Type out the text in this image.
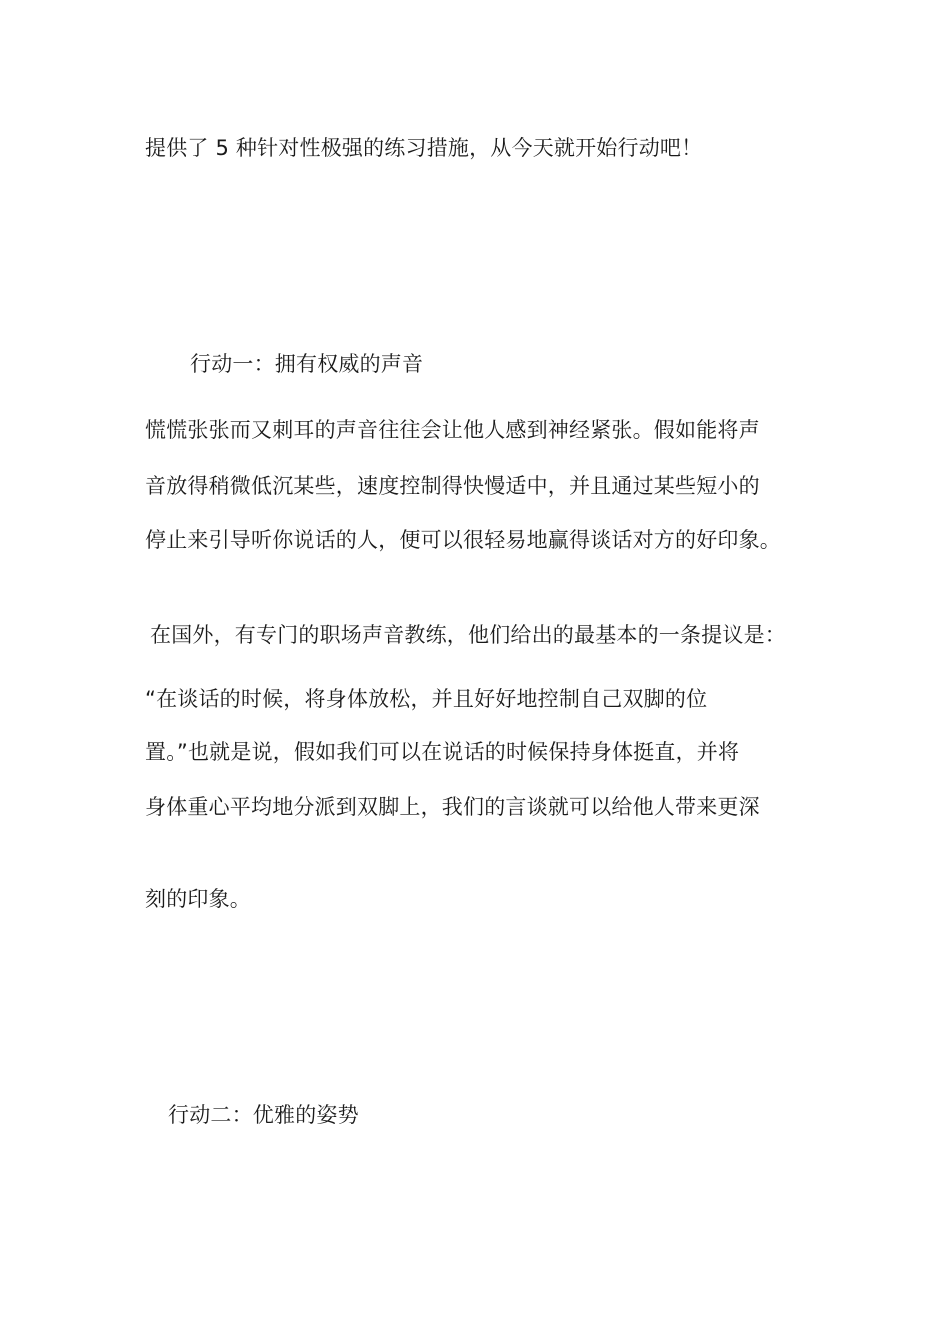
提供了 5 种针对性极强的练习措施，从今天就开始行动吧！
行动一：拥有权威的声音
慌慌张张而又刺耳的声音往往会让他人感到神经紧张。假如能将声
音放得稍微低沉某些，速度控制得快慢适中，并且通过某些短小的
停止来引导听你说话的人，便可以很轻易地赢得谈话对方的好印象。
在国外，有专门的职场声音教练，他们给出的最基本的一条提议是：
“在谈话的时候，将身体放松，并且好好地控制自己双脚的位
置。”也就是说，假如我们可以在说话的时候保持身体挺直，并将
身体重心平均地分派到双脚上，我们的言谈就可以给他人带来更深
刻的印象。
行动二：优雅的姿势
